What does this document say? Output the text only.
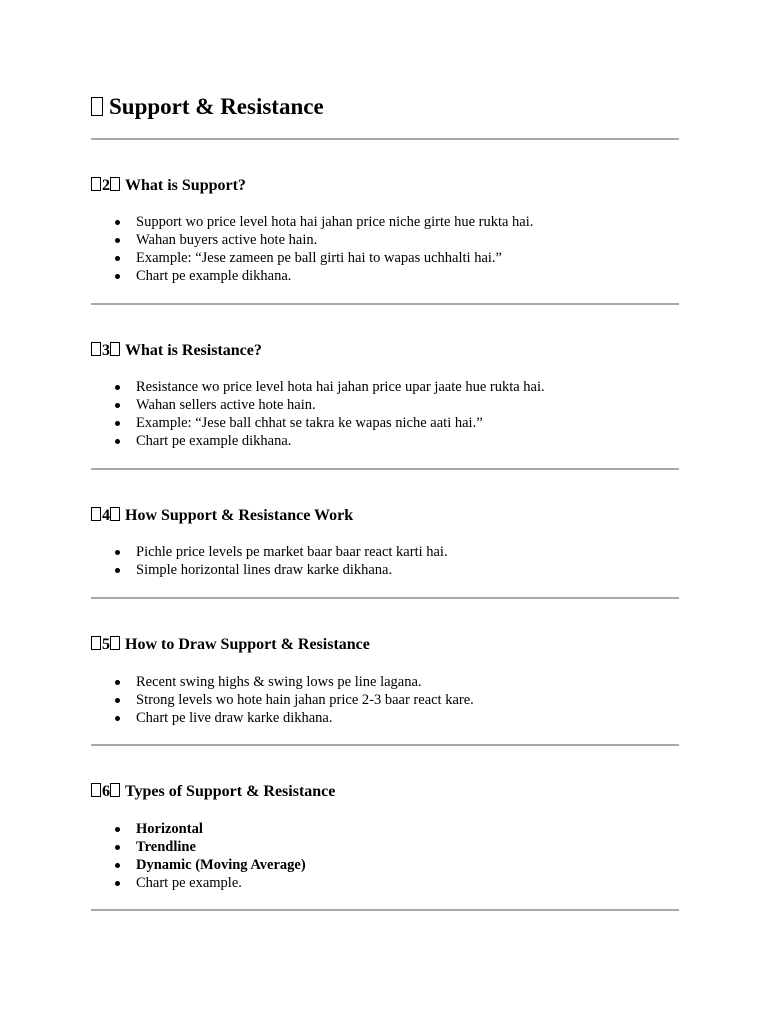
Support & Resistance
2 What is Support?
Support wo price level hota hai jahan price niche girte hue rukta hai.
Wahan buyers active hote hain.
Example: “Jese zameen pe ball girti hai to wapas uchhalti hai.”
Chart pe example dikhana.
3 What is Resistance?
Resistance wo price level hota hai jahan price upar jaate hue rukta hai.
Wahan sellers active hote hain.
Example: “Jese ball chhat se takra ke wapas niche aati hai.”
Chart pe example dikhana.
4 How Support & Resistance Work
Pichle price levels pe market baar baar react karti hai.
Simple horizontal lines draw karke dikhana.
5 How to Draw Support & Resistance
Recent swing highs & swing lows pe line lagana.
Strong levels wo hote hain jahan price 2-3 baar react kare.
Chart pe live draw karke dikhana.
6 Types of Support & Resistance
Horizontal
Trendline
Dynamic (Moving Average)
Chart pe example.
